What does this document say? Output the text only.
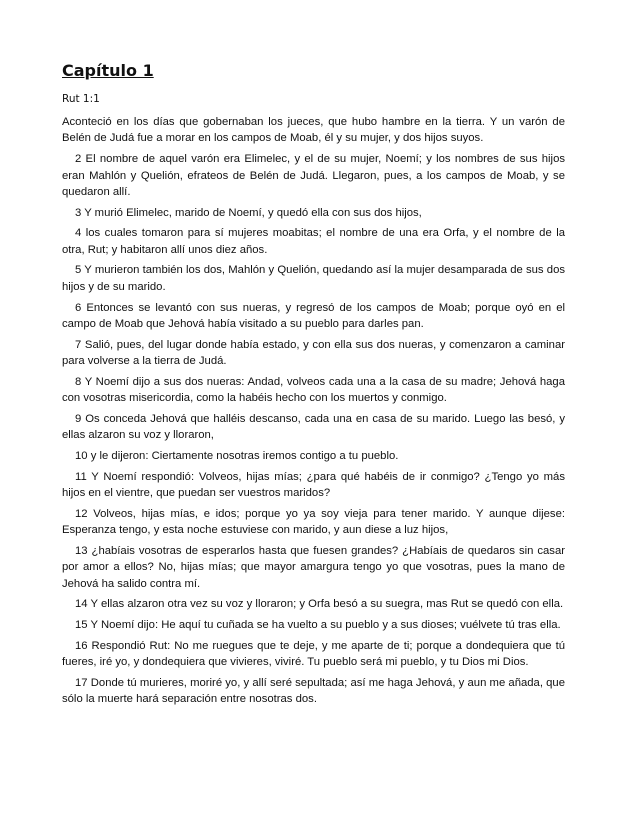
Capítulo 1

Rut 1:1

Aconteció en los días que gobernaban los jueces, que hubo hambre en la tierra. Y un varón de Belén de Judá fue a morar en los campos de Moab, él y su mujer, y dos hijos suyos.

2 El nombre de aquel varón era Elimelec, y el de su mujer, Noemí; y los nombres de sus hijos eran Mahlón y Quelión, efrateos de Belén de Judá. Llegaron, pues, a los campos de Moab, y se quedaron allí.

3 Y murió Elimelec, marido de Noemí, y quedó ella con sus dos hijos,

4 los cuales tomaron para sí mujeres moabitas; el nombre de una era Orfa, y el nombre de la otra, Rut; y habitaron allí unos diez años.

5 Y murieron también los dos, Mahlón y Quelión, quedando así la mujer desamparada de sus dos hijos y de su marido.

6 Entonces se levantó con sus nueras, y regresó de los campos de Moab; porque oyó en el campo de Moab que Jehová había visitado a su pueblo para darles pan.

7 Salió, pues, del lugar donde había estado, y con ella sus dos nueras, y comenzaron a caminar para volverse a la tierra de Judá.

8 Y Noemí dijo a sus dos nueras: Andad, volveos cada una a la casa de su madre; Jehová haga con vosotras misericordia, como la habéis hecho con los muertos y conmigo.

9 Os conceda Jehová que halléis descanso, cada una en casa de su marido. Luego las besó, y ellas alzaron su voz y lloraron,

10 y le dijeron: Ciertamente nosotras iremos contigo a tu pueblo.

11 Y Noemí respondió: Volveos, hijas mías; ¿para qué habéis de ir conmigo? ¿Tengo yo más hijos en el vientre, que puedan ser vuestros maridos?

12 Volveos, hijas mías, e idos; porque yo ya soy vieja para tener marido. Y aunque dijese: Esperanza tengo, y esta noche estuviese con marido, y aun diese a luz hijos,

13 ¿habíais vosotras de esperarlos hasta que fuesen grandes? ¿Habíais de quedaros sin casar por amor a ellos? No, hijas mías; que mayor amargura tengo yo que vosotras, pues la mano de Jehová ha salido contra mí.

14 Y ellas alzaron otra vez su voz y lloraron; y Orfa besó a su suegra, mas Rut se quedó con ella.

15 Y Noemí dijo: He aquí tu cuñada se ha vuelto a su pueblo y a sus dioses; vuélvete tú tras ella.

16 Respondió Rut: No me ruegues que te deje, y me aparte de ti; porque a dondequiera que tú fueres, iré yo, y dondequiera que vivieres, viviré. Tu pueblo será mi pueblo, y tu Dios mi Dios.

17 Donde tú murieres, moriré yo, y allí seré sepultada; así me haga Jehová, y aun me añada, que sólo la muerte hará separación entre nosotras dos.
